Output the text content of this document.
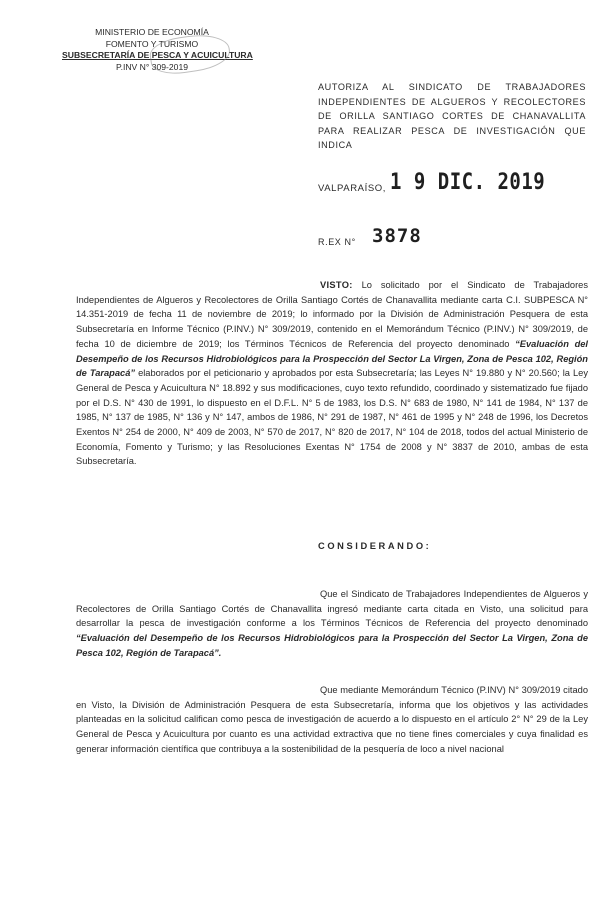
MINISTERIO DE ECONOMÍA
FOMENTO Y TURISMO
SUBSECRETARÍA DE PESCA Y ACUICULTURA
P.INV N° 309-2019
AUTORIZA AL SINDICATO DE TRABAJADORES INDEPENDIENTES DE ALGUEROS Y RECOLECTORES DE ORILLA SANTIAGO CORTES DE CHANAVALLITA PARA REALIZAR PESCA DE INVESTIGACIÓN QUE INDICA
VALPARAÍSO, 1 9 DIC. 2019
R.EX N° 3878
VISTO: Lo solicitado por el Sindicato de Trabajadores Independientes de Algueros y Recolectores de Orilla Santiago Cortés de Chanavallita mediante carta C.I. SUBPESCA N° 14.351-2019 de fecha 11 de noviembre de 2019; lo informado por la División de Administración Pesquera de esta Subsecretaría en Informe Técnico (P.INV.) N° 309/2019, contenido en el Memorándum Técnico (P.INV.) N° 309/2019, de fecha 10 de diciembre de 2019; los Términos Técnicos de Referencia del proyecto denominado “Evaluación del Desempeño de los Recursos Hidrobiológicos para la Prospección del Sector La Virgen, Zona de Pesca 102, Región de Tarapacá” elaborados por el peticionario y aprobados por esta Subsecretaría; las Leyes N° 19.880 y N° 20.560; la Ley General de Pesca y Acuicultura N° 18.892 y sus modificaciones, cuyo texto refundido, coordinado y sistematizado fue fijado por el D.S. N° 430 de 1991, lo dispuesto en el D.F.L. N° 5 de 1983, los D.S. N° 683 de 1980, N° 141 de 1984, N° 137 de 1985, N° 137 de 1985, N° 136 y N° 147, ambos de 1986, N° 291 de 1987, N° 461 de 1995 y N° 248 de 1996, los Decretos Exentos N° 254 de 2000, N° 409 de 2003, N° 570 de 2017, N° 820 de 2017, N° 104 de 2018, todos del actual Ministerio de Economía, Fomento y Turismo; y las Resoluciones Exentas N° 1754 de 2008 y N° 3837 de 2010, ambas de esta Subsecretaría.
CONSIDERANDO:
Que el Sindicato de Trabajadores Independientes de Algueros y Recolectores de Orilla Santiago Cortés de Chanavallita ingresó mediante carta citada en Visto, una solicitud para desarrollar la pesca de investigación conforme a los Términos Técnicos de Referencia del proyecto denominado “Evaluación del Desempeño de los Recursos Hidrobiológicos para la Prospección del Sector La Virgen, Zona de Pesca 102, Región de Tarapacá”.
Que mediante Memorándum Técnico (P.INV) N° 309/2019 citado en Visto, la División de Administración Pesquera de esta Subsecretaría, informa que los objetivos y las actividades planteadas en la solicitud califican como pesca de investigación de acuerdo a lo dispuesto en el artículo 2° N° 29 de la Ley General de Pesca y Acuicultura por cuanto es una actividad extractiva que no tiene fines comerciales y cuya finalidad es generar información científica que contribuya a la sostenibilidad de la pesquería de loco a nivel nacional
